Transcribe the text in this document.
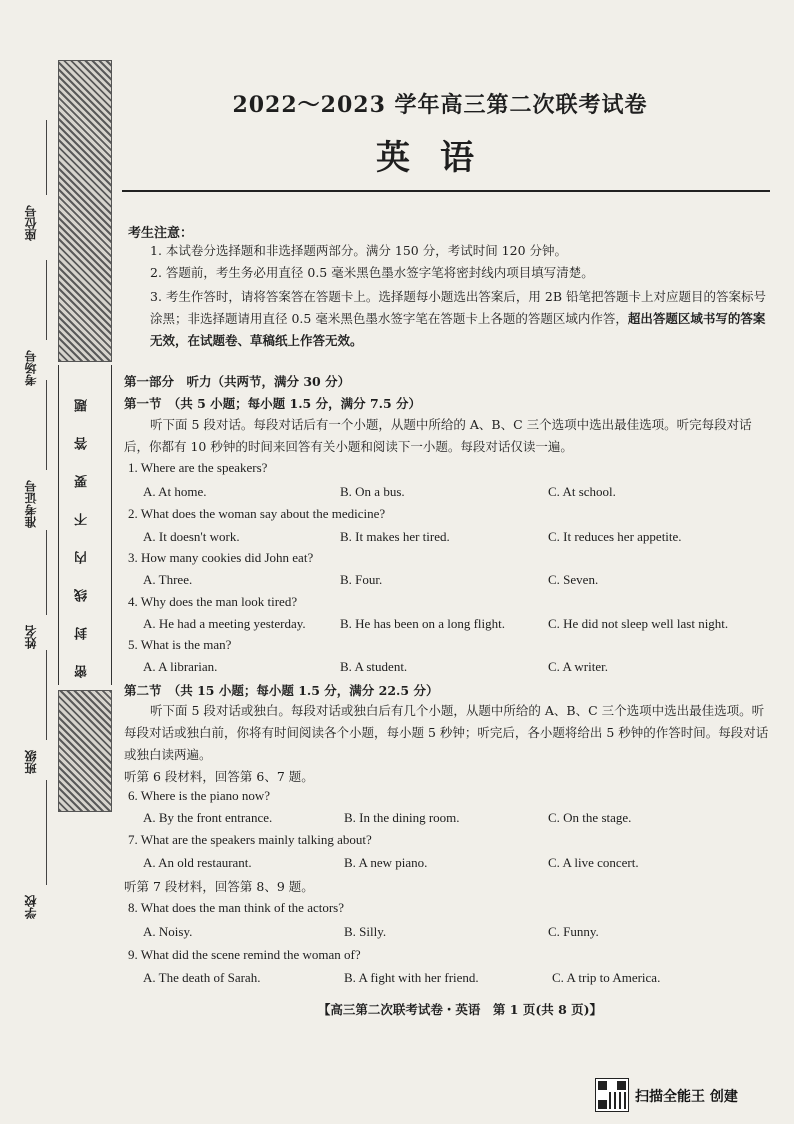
密
封
线
内
不
要
答
题
学校
班级
姓名
准考证号
考场号
座位号
2022～2023 学年高三第二次联考试卷
英语
考生注意：
1. 本试卷分选择题和非选择题两部分。满分 150 分，考试时间 120 分钟。
2. 答题前，考生务必用直径 0.5 毫米黑色墨水签字笔将密封线内项目填写清楚。
3. 考生作答时，请将答案答在答题卡上。选择题每小题选出答案后，用 2B 铅笔把答题卡上对应题目的答案标号涂黑；非选择题请用直径 0.5 毫米黑色墨水签字笔在答题卡上各题的答题区域内作答，超出答题区域书写的答案无效，在试题卷、草稿纸上作答无效。
第一部分　听力（共两节，满分 30 分）
第一节　（共 5 小题；每小题 1.5 分，满分 7.5 分）
听下面 5 段对话。每段对话后有一个小题，从题中所给的 A、B、C 三个选项中选出最佳选项。听完每段对话后，你都有 10 秒钟的时间来回答有关小题和阅读下一小题。每段对话仅读一遍。
1. Where are the speakers?
A. At home.	B. On a bus.	C. At school.
2. What does the woman say about the medicine?
A. It doesn't work.	B. It makes her tired.	C. It reduces her appetite.
3. How many cookies did John eat?
A. Three.	B. Four.	C. Seven.
4. Why does the man look tired?
A. He had a meeting yesterday.	B. He has been on a long flight.	C. He did not sleep well last night.
5. What is the man?
A. A librarian.	B. A student.	C. A writer.
第二节　（共 15 小题；每小题 1.5 分，满分 22.5 分）
听下面 5 段对话或独白。每段对话或独白后有几个小题，从题中所给的 A、B、C 三个选项中选出最佳选项。听每段对话或独白前，你将有时间阅读各个小题，每小题 5 秒钟；听完后，各小题将给出 5 秒钟的作答时间。每段对话或独白读两遍。
听第 6 段材料，回答第 6、7 题。
6. Where is the piano now?
A. By the front entrance.	B. In the dining room.	C. On the stage.
7. What are the speakers mainly talking about?
A. An old restaurant.	B. A new piano.	C. A live concert.
听第 7 段材料，回答第 8、9 题。
8. What does the man think of the actors?
A. Noisy.	B. Silly.	C. Funny.
9. What did the scene remind the woman of?
A. The death of Sarah.	B. A fight with her friend.	C. A trip to America.
【高三第二次联考试卷・英语　第 1 页(共 8 页)】
扫描全能王 创建
